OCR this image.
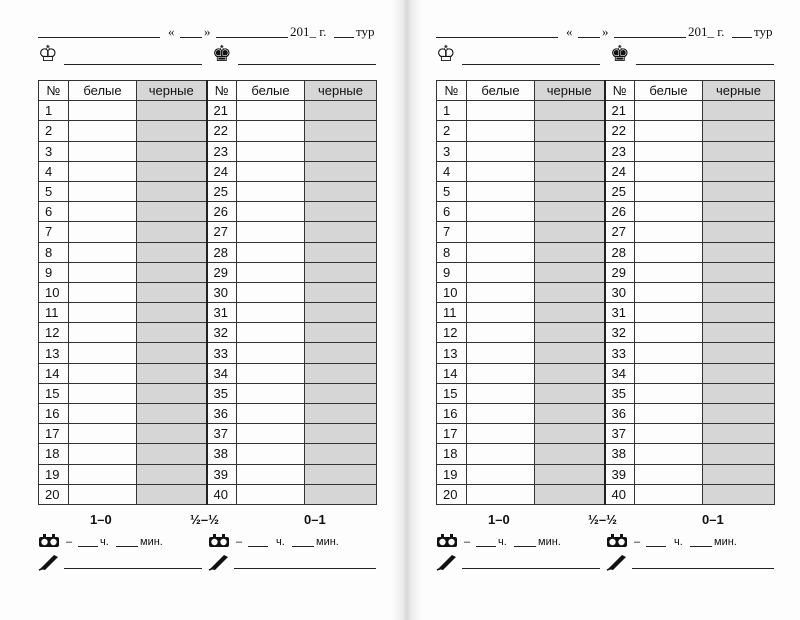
« »	201_ г. тур
♔	♚
№	белые	черные	№	белые	черные
1			21		
2			22		
3			23		
4			24		
5			25		
6			26		
7			27		
8			28		
9			29		
10			30		
11			31		
12			32		
13			33		
14			34		
15			35		
16			36		
17			37		
18			38		
19			39		
20			40		
1–0	½–½	0–1
–	ч.	мин.	–	ч.	мин.
« »	201_ г. тур
♔	♚
№	белые	черные	№	белые	черные
1			21		
2			22		
3			23		
4			24		
5			25		
6			26		
7			27		
8			28		
9			29		
10			30		
11			31		
12			32		
13			33		
14			34		
15			35		
16			36		
17			37		
18			38		
19			39		
20			40		
1–0	½–½	0–1
–	ч.	мин.	–	ч.	мин.
